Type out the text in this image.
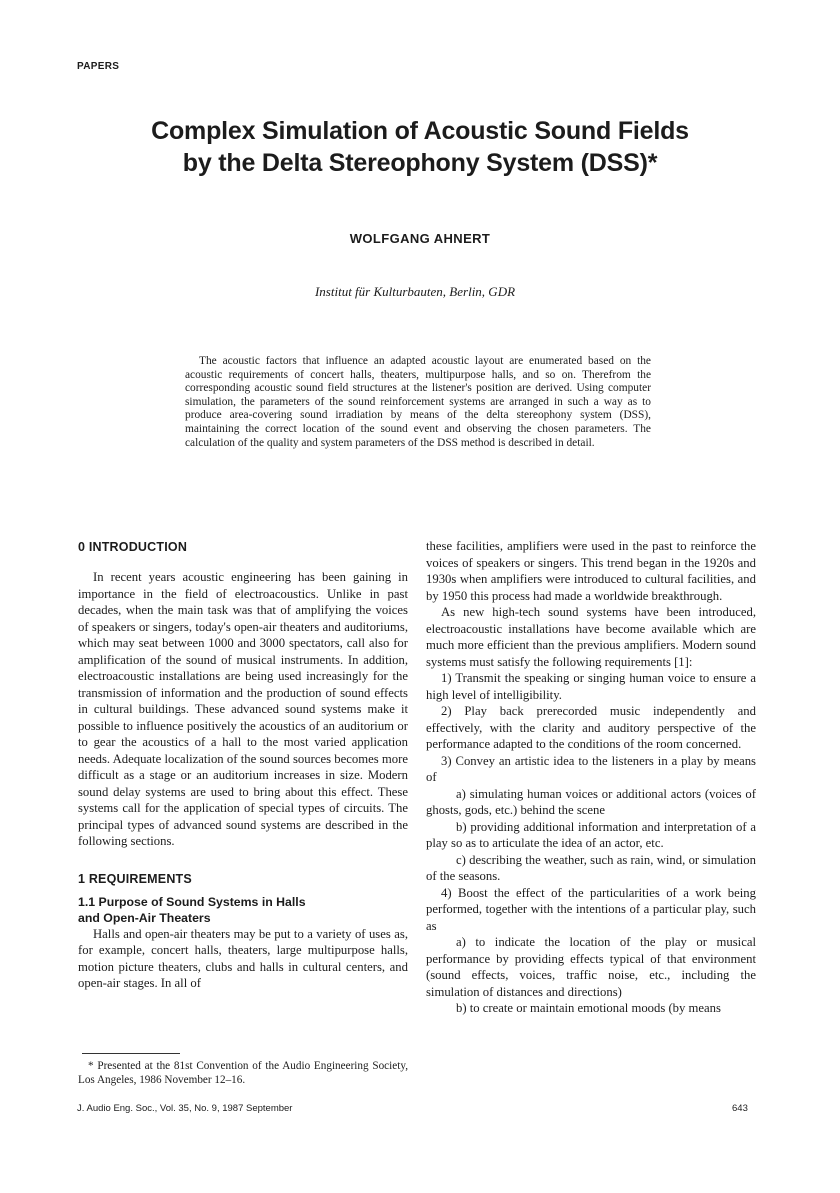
PAPERS
Complex Simulation of Acoustic Sound Fields
by the Delta Stereophony System (DSS)*
WOLFGANG AHNERT
Institut für Kulturbauten, Berlin, GDR

The acoustic factors that influence an adapted acoustic layout are enumerated based on the acoustic requirements of concert halls, theaters, multipurpose halls, and so on. Therefrom the corresponding acoustic sound field structures at the listener's position are derived. Using computer simulation, the parameters of the sound reinforcement systems are arranged in such a way as to produce area-covering sound irradiation by means of the delta stereophony system (DSS), maintaining the correct location of the sound event and observing the chosen parameters. The calculation of the quality and system parameters of the DSS method is described in detail.

0 INTRODUCTION

In recent years acoustic engineering has been gaining in importance in the field of electroacoustics. Unlike in past decades, when the main task was that of amplifying the voices of speakers or singers, today's open-air theaters and auditoriums, which may seat between 1000 and 3000 spectators, call also for amplification of the sound of musical instruments. In addition, electroacoustic installations are being used increasingly for the transmission of information and the production of sound effects in cultural buildings. These advanced sound systems make it possible to influence positively the acoustics of an auditorium or to gear the acoustics of a hall to the most varied application needs. Adequate localization of the sound sources becomes more difficult as a stage or an auditorium increases in size. Modern sound delay systems are used to bring about this effect. These systems call for the application of special types of circuits. The principal types of advanced sound systems are described in the following sections.

1 REQUIREMENTS
1.1 Purpose of Sound Systems in Halls
and Open-Air Theaters

Halls and open-air theaters may be put to a variety of uses as, for example, concert halls, theaters, large multipurpose halls, motion picture theaters, clubs and halls in cultural centers, and open-air stages. In all of

these facilities, amplifiers were used in the past to reinforce the voices of speakers or singers. This trend began in the 1920s and 1930s when amplifiers were introduced to cultural facilities, and by 1950 this process had made a worldwide breakthrough.

As new high-tech sound systems have been introduced, electroacoustic installations have become available which are much more efficient than the previous amplifiers. Modern sound systems must satisfy the following requirements [1]:

1) Transmit the speaking or singing human voice to ensure a high level of intelligibility.

2) Play back prerecorded music independently and effectively, with the clarity and auditory perspective of the performance adapted to the conditions of the room concerned.

3) Convey an artistic idea to the listeners in a play by means of

a) simulating human voices or additional actors (voices of ghosts, gods, etc.) behind the scene

b) providing additional information and interpretation of a play so as to articulate the idea of an actor, etc.

c) describing the weather, such as rain, wind, or simulation of the seasons.

4) Boost the effect of the particularities of a work being performed, together with the intentions of a particular play, such as

a) to indicate the location of the play or musical performance by providing effects typical of that environment (sound effects, voices, traffic noise, etc., including the simulation of distances and directions)

b) to create or maintain emotional moods (by means

* Presented at the 81st Convention of the Audio Engineering Society, Los Angeles, 1986 November 12–16.

J. Audio Eng. Soc., Vol. 35, No. 9, 1987 September	643
